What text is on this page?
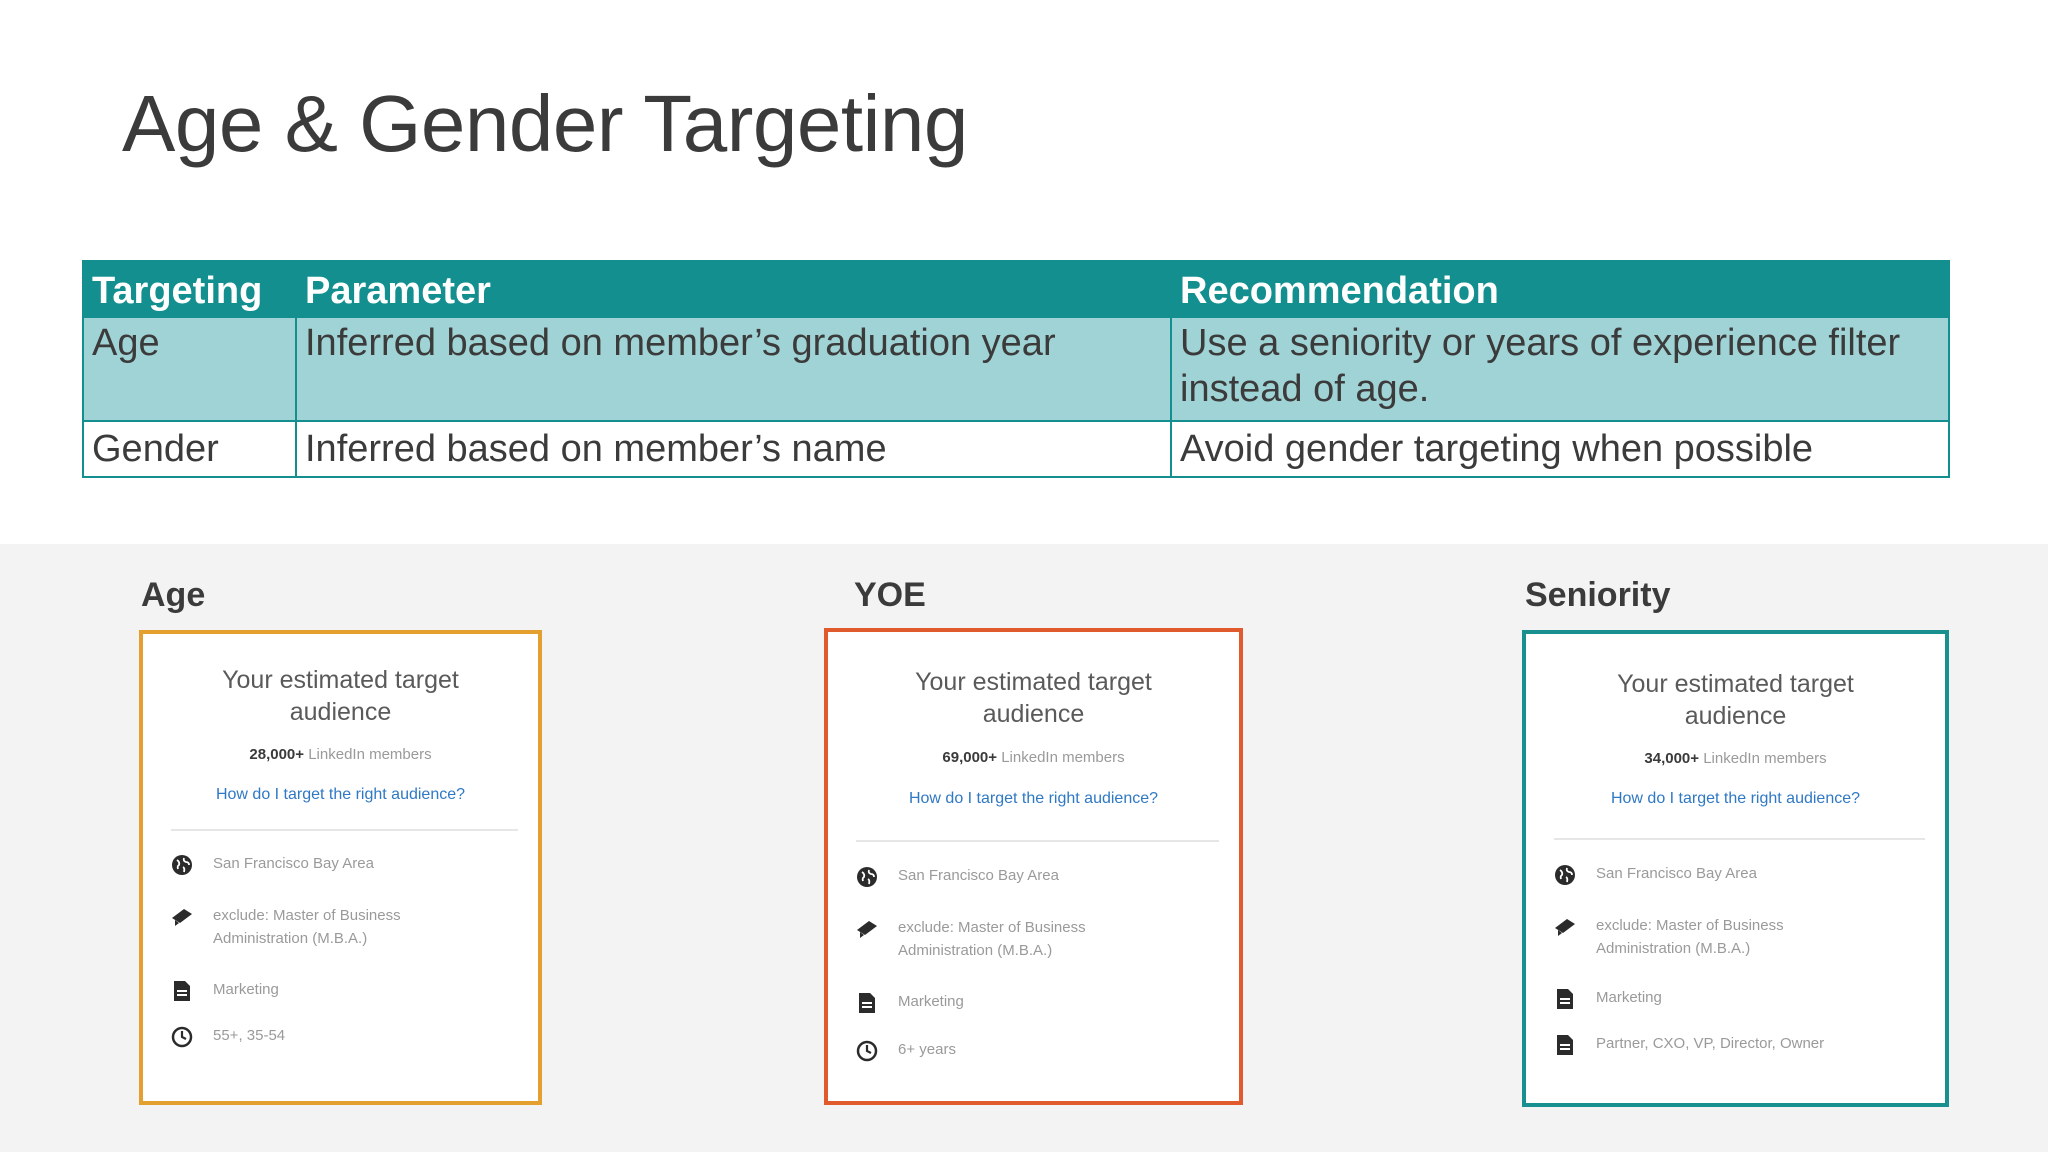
Age & Gender Targeting
Targeting	Parameter	Recommendation
Age	Inferred based on member’s graduation year	Use a seniority or years of experience filter instead of age.
Gender	Inferred based on member’s name	Avoid gender targeting when possible
Age	YOE	Seniority
Your estimated target
audience
28,000+ LinkedIn members
How do I target the right audience?
San Francisco Bay Area
exclude: Master of Business
Administration (M.B.A.)
Marketing
55+, 35-54
Your estimated target
audience
69,000+ LinkedIn members
How do I target the right audience?
San Francisco Bay Area
exclude: Master of Business
Administration (M.B.A.)
Marketing
6+ years
Your estimated target
audience
34,000+ LinkedIn members
How do I target the right audience?
San Francisco Bay Area
exclude: Master of Business
Administration (M.B.A.)
Marketing
Partner, CXO, VP, Director, Owner
